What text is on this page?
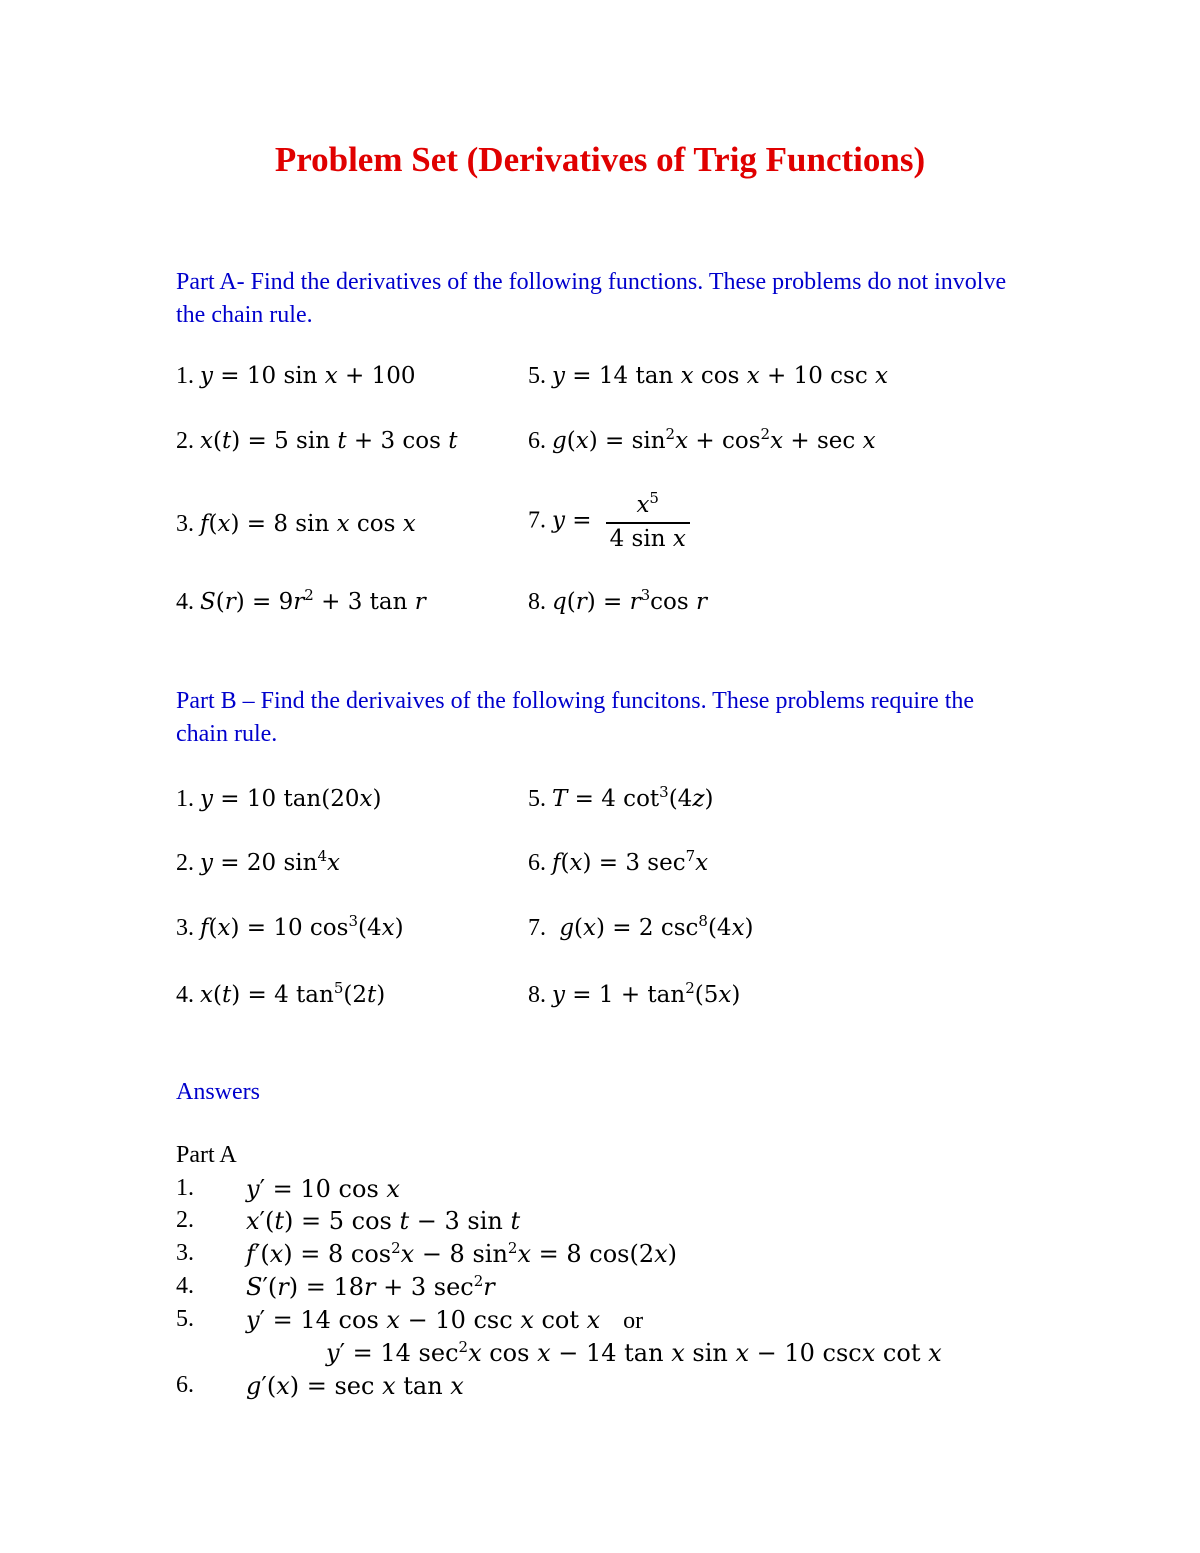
Problem Set (Derivatives of Trig Functions)
Part A- Find the derivatives of the following functions. These problems do not involve the chain rule.
1. y = 10 sin x + 100
2. x(t) = 5 sin t + 3 cos t
3. f(x) = 8 sin x cos x
4. $S(r) = 9r^2 + 3$ tan r
5. y = 14 tan x cos x + 10 csc x
6. $g(x) = \sin^2x + \cos^2x + \sec x$
7. $y = \frac{x^5}{\text{4 sin x}}$
8. $q(r) = r^3\cos$ r
Part B – Find the derivaives of the following funcitons. These problems require the chain rule.
1. y = 10 tan(20x)
2. y = 20 $\sin^4x$
3. f(x) = 10 $\cos^3(4x)$
4. x(t) = 4 $\tan^5(2t)$
5. T = 4 $\cot^3(4z)$
6. f(x) = 3 $\sec^7x$
7. g(x) = 2 $\csc^8(4x)$
8. $y = 1 + \tan^2(5x)$
Answers
Part A
1. y′ = 10 cos x
2. x′(t) = 5 cos t − 3 sin t
3. f′(x) = 8 $\cos^2x - 8$ $\sin^2x = 8$ cos(2x)
4. S′(r) = 18r + 3 $\sec^2r$
5. y′ = 14 cos x − 10 csc x cot x or
y′ = 14 $\sec^2x$ cos x − 14 tan x sin x − 10 cscx cot x
6. g′(x) = sec x tan x
